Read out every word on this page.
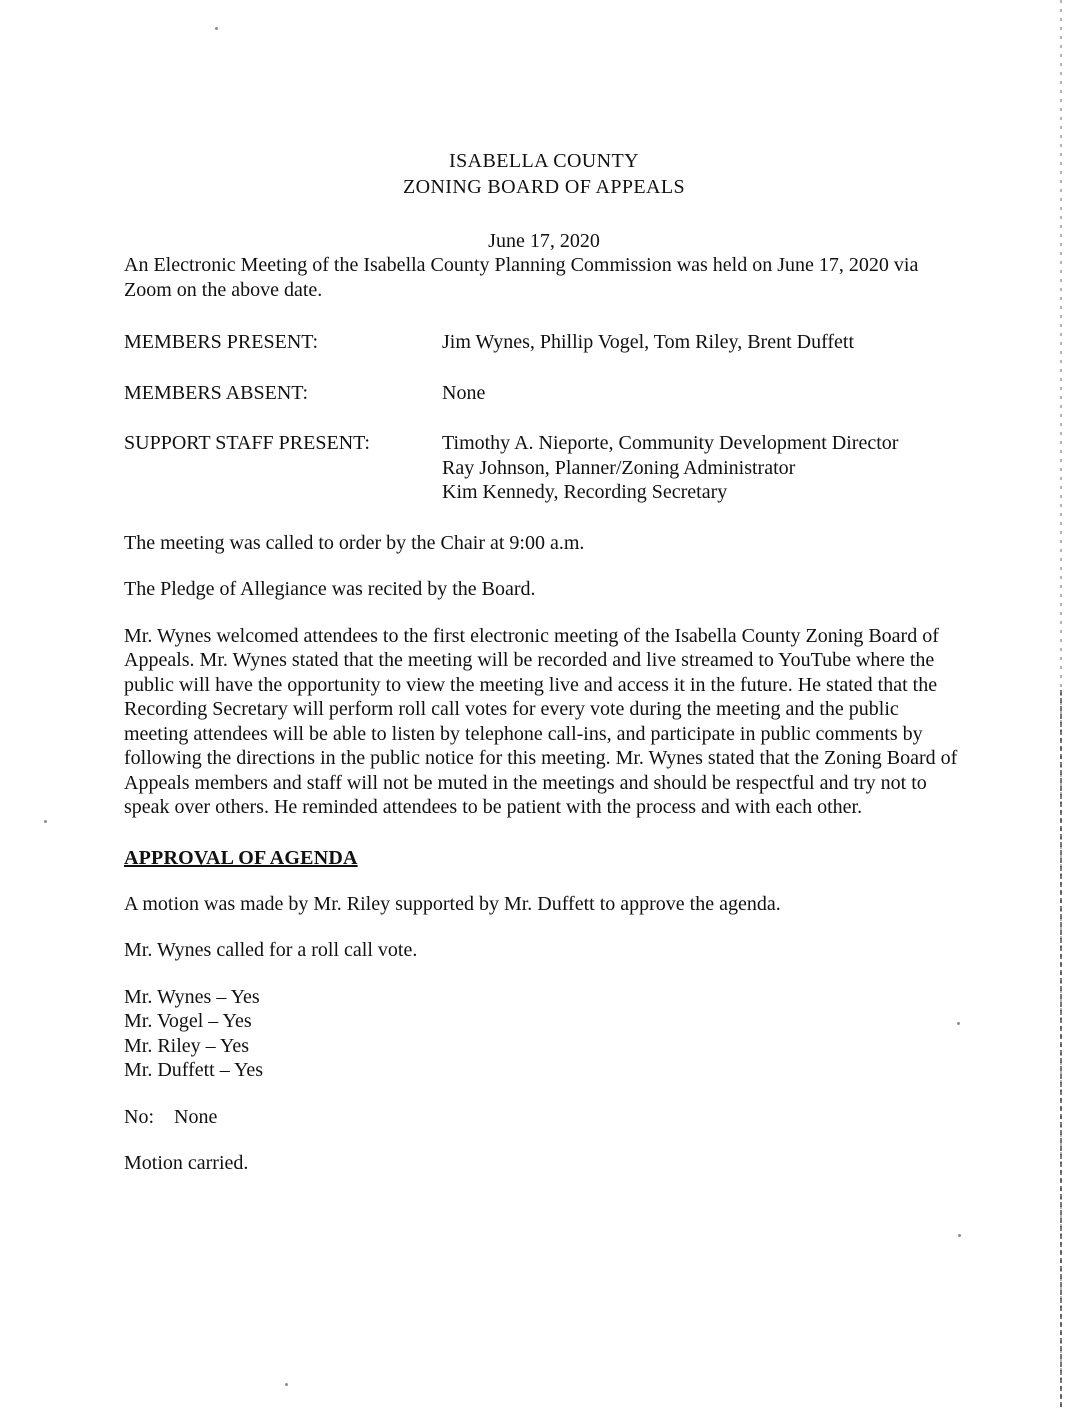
ISABELLA COUNTY
ZONING BOARD OF APPEALS
June 17, 2020

An Electronic Meeting of the Isabella County Planning Commission was held on June 17, 2020 via Zoom on the above date.

MEMBERS PRESENT:	Jim Wynes, Phillip Vogel, Tom Riley, Brent Duffett
MEMBERS ABSENT:	None
SUPPORT STAFF PRESENT:	Timothy A. Nieporte, Community Development Director
Ray Johnson, Planner/Zoning Administrator
Kim Kennedy, Recording Secretary

The meeting was called to order by the Chair at 9:00 a.m.

The Pledge of Allegiance was recited by the Board.

Mr. Wynes welcomed attendees to the first electronic meeting of the Isabella County Zoning Board of Appeals. Mr. Wynes stated that the meeting will be recorded and live streamed to YouTube where the public will have the opportunity to view the meeting live and access it in the future. He stated that the Recording Secretary will perform roll call votes for every vote during the meeting and the public meeting attendees will be able to listen by telephone call-ins, and participate in public comments by following the directions in the public notice for this meeting. Mr. Wynes stated that the Zoning Board of Appeals members and staff will not be muted in the meetings and should be respectful and try not to speak over others. He reminded attendees to be patient with the process and with each other.

APPROVAL OF AGENDA

A motion was made by Mr. Riley supported by Mr. Duffett to approve the agenda.

Mr. Wynes called for a roll call vote.

Mr. Wynes – Yes
Mr. Vogel – Yes
Mr. Riley – Yes
Mr. Duffett – Yes
No: None

Motion carried.
